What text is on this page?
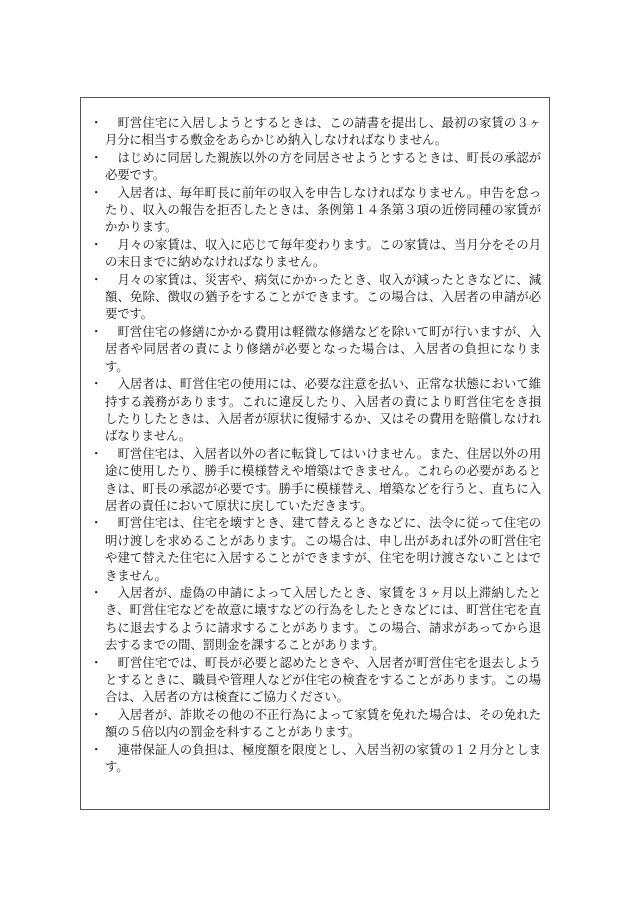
・ 　町営住宅に入居しようとするときは、この請書を提出し、最初の家賃の３ヶ月分に相当する敷金をあらかじめ納入しなければなりません。
・ 　はじめに同居した親族以外の方を同居させようとするときは、町長の承認が必要です。
・ 　入居者は、毎年町長に前年の収入を申告しなければなりません。申告を怠ったり、収入の報告を拒否したときは、条例第１４条第３項の近傍同種の家賃がかかります。
・ 　月々の家賃は、収入に応じて毎年変わります。この家賃は、当月分をその月の末日までに納めなければなりません。
・ 　月々の家賃は、災害や、病気にかかったとき、収入が減ったときなどに、減額、免除、徴収の猶予をすることができます。この場合は、入居者の申請が必要です。
・ 　町営住宅の修繕にかかる費用は軽微な修繕などを除いて町が行いますが、入居者や同居者の責により修繕が必要となった場合は、入居者の負担になります。
・ 　入居者は、町営住宅の使用には、必要な注意を払い、正常な状態において維持する義務があります。これに違反したり、入居者の責により町営住宅をき損したりしたときは、入居者が原状に復帰するか、又はその費用を賠償しなければなりません。
・ 　町営住宅は、入居者以外の者に転貸してはいけません。また、住居以外の用途に使用したり、勝手に模様替えや増築はできません。これらの必要があるときは、町長の承認が必要です。勝手に模様替え、増築などを行うと、直ちに入居者の責任において原状に戻していただきます。
・ 　町営住宅は、住宅を壊すとき、建て替えるときなどに、法令に従って住宅の明け渡しを求めることがあります。この場合は、申し出があれば外の町営住宅や建て替えた住宅に入居することができますが、住宅を明け渡さないことはできません。
・ 　入居者が、虚偽の申請によって入居したとき、家賃を３ヶ月以上滞納したとき、町営住宅などを故意に壊すなどの行為をしたときなどには、町営住宅を直ちに退去するように請求することがあります。この場合、請求があってから退去するまでの間、罰則金を課することがあります。
・ 　町営住宅では、町長が必要と認めたときや、入居者が町営住宅を退去しようとするときに、職員や管理人などが住宅の検査をすることがあります。この場合は、入居者の方は検査にご協力ください。
・ 　入居者が、詐欺その他の不正行為によって家賃を免れた場合は、その免れた額の５倍以内の罰金を科することがあります。
・ 　連帯保証人の負担は、極度額を限度とし、入居当初の家賃の１２月分とします。
